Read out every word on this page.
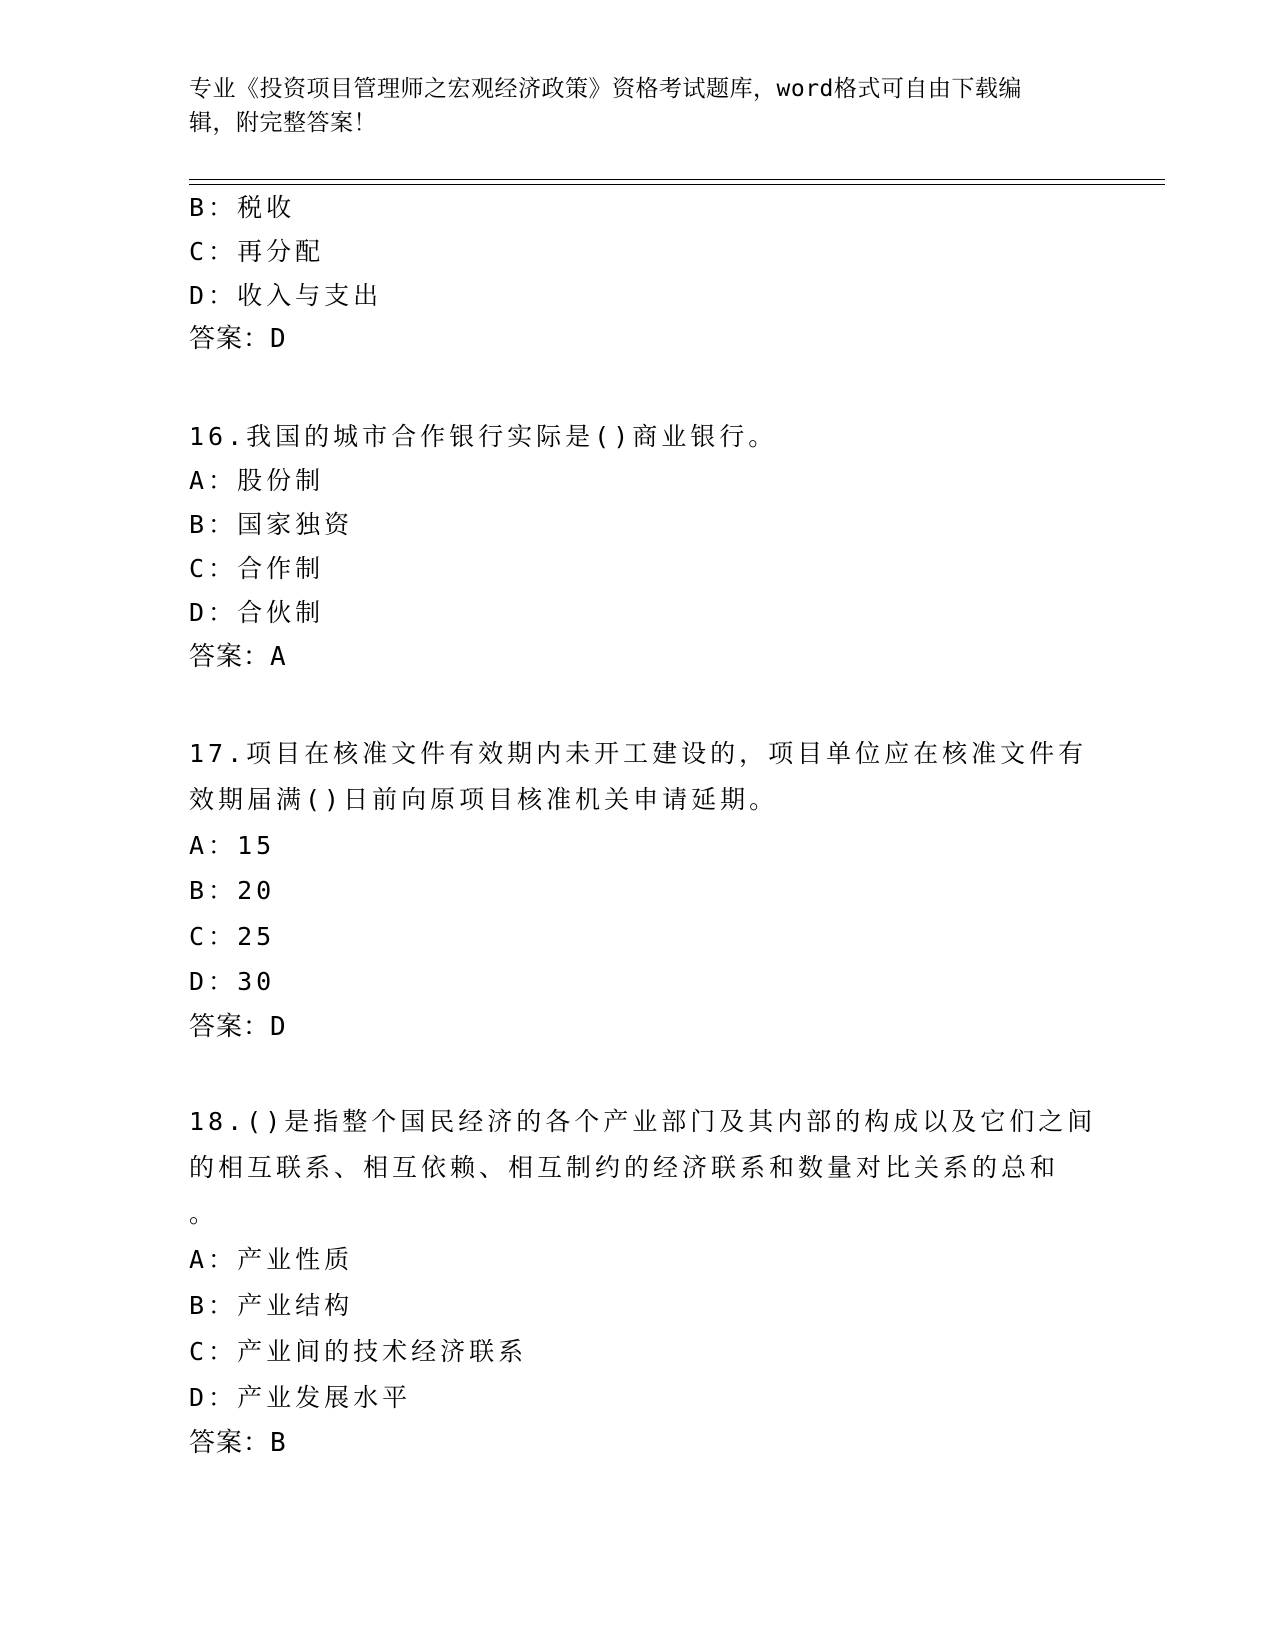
专业《投资项目管理师之宏观经济政策》资格考试题库，word格式可自由下载编
辑，附完整答案！
B：税收
C：再分配
D：收入与支出
答案：D
16.我国的城市合作银行实际是()商业银行。
A：股份制
B：国家独资
C：合作制
D：合伙制
答案：A
17.项目在核准文件有效期内未开工建设的，项目单位应在核准文件有
效期届满()日前向原项目核准机关申请延期。
A：15
B：20
C：25
D：30
答案：D
18.()是指整个国民经济的各个产业部门及其内部的构成以及它们之间
的相互联系、相互依赖、相互制约的经济联系和数量对比关系的总和
。
A：产业性质
B：产业结构
C：产业间的技术经济联系
D：产业发展水平
答案：B
